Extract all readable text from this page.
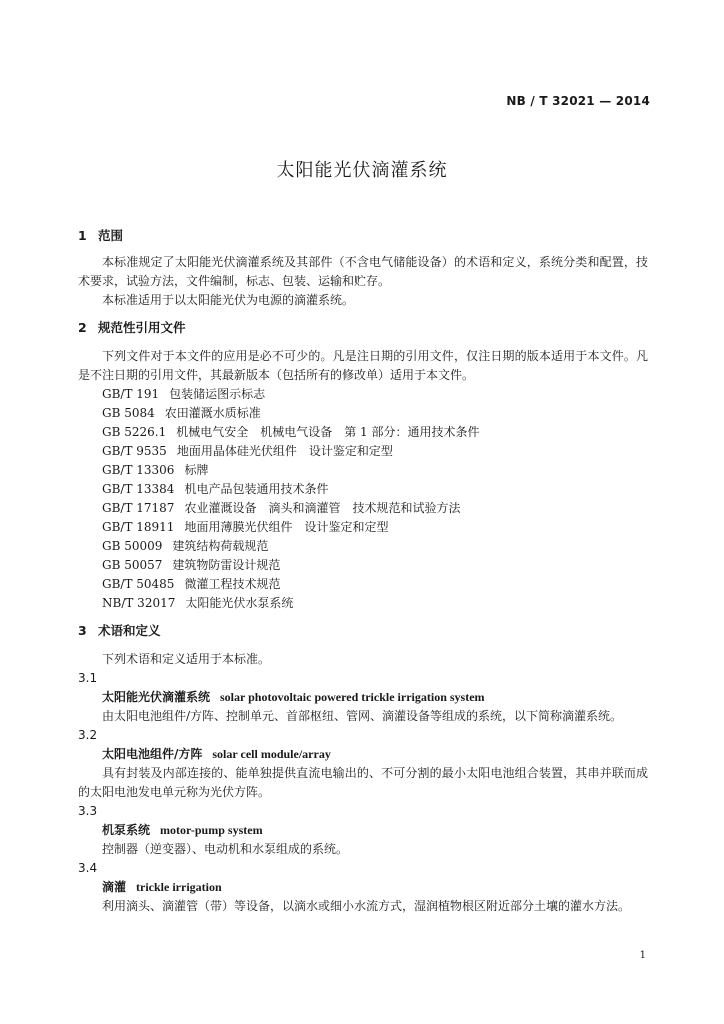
NB / T 32021 — 2014
太阳能光伏滴灌系统

1 范围

本标准规定了太阳能光伏滴灌系统及其部件（不含电气储能设备）的术语和定义，系统分类和配置，技术要求，试验方法，文件编制，标志、包装、运输和贮存。

本标准适用于以太阳能光伏为电源的滴灌系统。

2 规范性引用文件

下列文件对于本文件的应用是必不可少的。凡是注日期的引用文件，仅注日期的版本适用于本文件。凡是不注日期的引用文件，其最新版本（包括所有的修改单）适用于本文件。

GB/T 191 包装储运图示标志
GB 5084 农田灌溉水质标准
GB 5226.1 机械电气安全　机械电气设备　第 1 部分：通用技术条件
GB/T 9535 地面用晶体硅光伏组件　设计鉴定和定型
GB/T 13306 标牌
GB/T 13384 机电产品包装通用技术条件
GB/T 17187 农业灌溉设备　滴头和滴灌管　技术规范和试验方法
GB/T 18911 地面用薄膜光伏组件　设计鉴定和定型
GB 50009 建筑结构荷载规范
GB 50057 建筑物防雷设计规范
GB/T 50485 微灌工程技术规范
NB/T 32017 太阳能光伏水泵系统

3 术语和定义

下列术语和定义适用于本标准。

3.1

太阳能光伏滴灌系统 solar photovoltaic powered trickle irrigation system

由太阳电池组件/方阵、控制单元、首部枢纽、管网、滴灌设备等组成的系统，以下简称滴灌系统。

3.2

太阳电池组件/方阵 solar cell module/array

具有封装及内部连接的、能单独提供直流电输出的、不可分割的最小太阳电池组合装置，其串并联而成的太阳电池发电单元称为光伏方阵。

3.3

机泵系统 motor-pump system

控制器（逆变器）、电动机和水泵组成的系统。

3.4

滴灌 trickle irrigation

利用滴头、滴灌管（带）等设备，以滴水或细小水流方式，湿润植物根区附近部分土壤的灌水方法。

1
